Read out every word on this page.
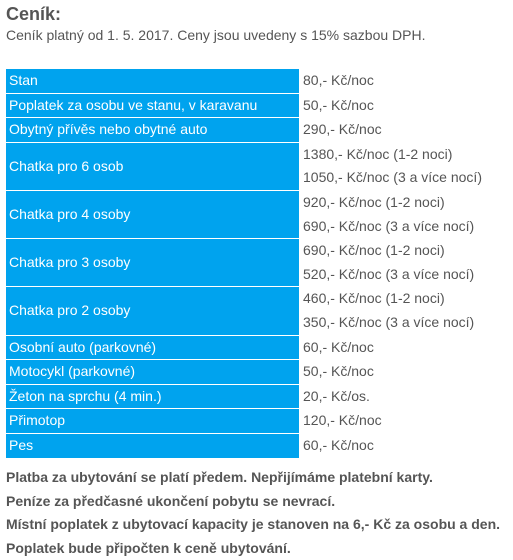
Ceník:
Ceník platný od 1. 5. 2017. Ceny jsou uvedeny s 15% sazbou DPH.
Stan	80,- Kč/noc

Poplatek za osobu ve stanu, v karavanu	50,- Kč/noc

Obytný přívěs nebo obytné auto	290,- Kč/noc

Chatka pro 6 osob	1380,- Kč/noc (1-2 noci)
1050,- Kč/noc (3 a více nocí)

Chatka pro 4 osoby	920,- Kč/noc (1-2 noci)
690,- Kč/noc (3 a více nocí)

Chatka pro 3 osoby	690,- Kč/noc (1-2 noci)
520,- Kč/noc (3 a více nocí)

Chatka pro 2 osoby	460,- Kč/noc (1-2 noci)
350,- Kč/noc (3 a více nocí)

Osobní auto (parkovné)	60,- Kč/noc

Motocykl (parkovné)	50,- Kč/noc

Žeton na sprchu (4 min.)	20,- Kč/os.

Přimotop	120,- Kč/noc

Pes	60,- Kč/noc

Platba za ubytování se platí předem. Nepřijímáme platební karty.

Peníze za předčasné ukončení pobytu se nevrací.

Místní poplatek z ubytovací kapacity je stanoven na 6,- Kč za osobu a den. Poplatek bude připočten k ceně ubytování.
